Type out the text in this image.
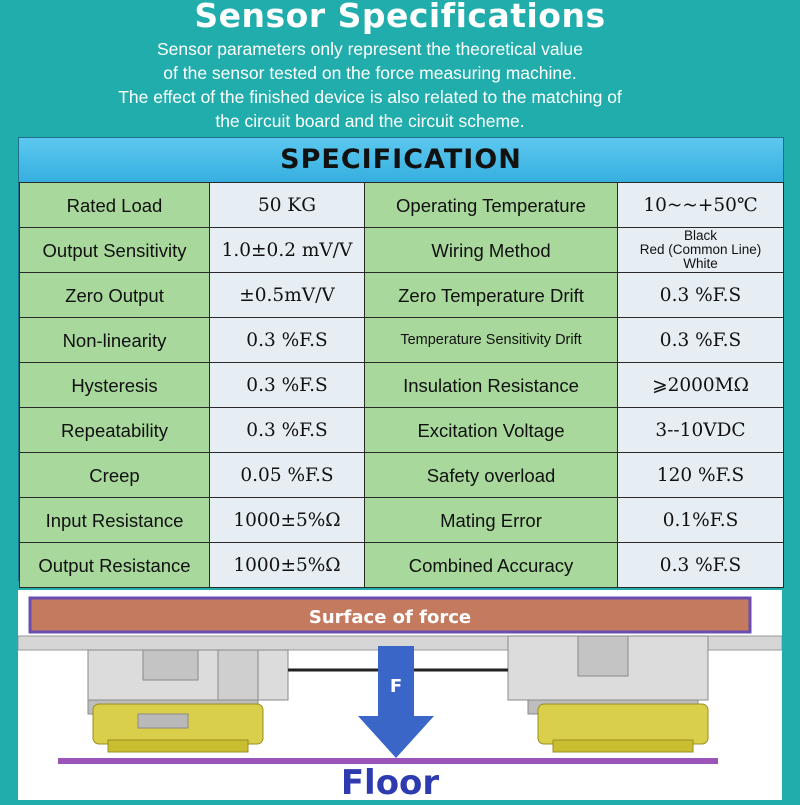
Sensor Specifications
Sensor parameters only represent the theoretical value
of the sensor tested on the force measuring machine.
The effect of the finished device is also related to the matching of
the circuit board and the circuit scheme.
SPECIFICATION
Rated Load	50 KG	Operating Temperature	10~~+50℃
Output Sensitivity	1.0±0.2 mV/V	Wiring Method	Black
Red (Common Line)
White

Zero Output	±0.5mV/V	Zero Temperature Drift	0.3 %F.S
Non-linearity	0.3 %F.S	Temperature Sensitivity Drift	0.3 %F.S
Hysteresis	0.3 %F.S	Insulation Resistance	⩾2000MΩ
Repeatability	0.3 %F.S	Excitation Voltage	3--10VDC
Creep	0.05 %F.S	Safety overload	120 %F.S
Input Resistance	1000±5%Ω	Mating Error	0.1%F.S
Output Resistance	1000±5%Ω	Combined Accuracy	0.3 %F.S
Surface of force
F
Floor
